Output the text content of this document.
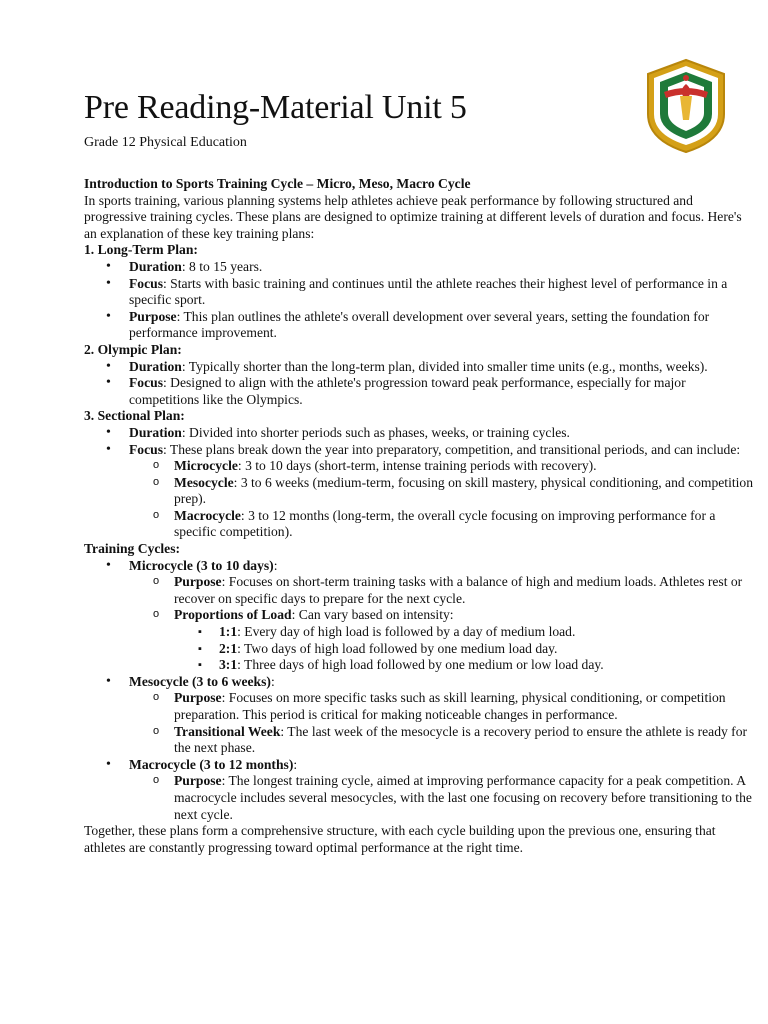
Pre Reading-Material Unit 5

Grade 12 Physical Education

Introduction to Sports Training Cycle – Micro, Meso, Macro Cycle

In sports training, various planning systems help athletes achieve peak performance by following structured and progressive training cycles. These plans are designed to optimize training at different levels of duration and focus. Here's an explanation of these key training plans:

1. Long-Term Plan:

• Duration: 8 to 15 years.
• Focus: Starts with basic training and continues until the athlete reaches their highest level of performance in a specific sport.
• Purpose: This plan outlines the athlete's overall development over several years, setting the foundation for performance improvement.

2. Olympic Plan:

• Duration: Typically shorter than the long-term plan, divided into smaller time units (e.g., months, weeks).
• Focus: Designed to align with the athlete's progression toward peak performance, especially for major competitions like the Olympics.

3. Sectional Plan:

• Duration: Divided into shorter periods such as phases, weeks, or training cycles.
• Focus: These plans break down the year into preparatory, competition, and transitional periods, and can include:
o Microcycle: 3 to 10 days (short-term, intense training periods with recovery).
o Mesocycle: 3 to 6 weeks (medium-term, focusing on skill mastery, physical conditioning, and competition prep).
o Macrocycle: 3 to 12 months (long-term, the overall cycle focusing on improving performance for a specific competition).

Training Cycles:

• Microcycle (3 to 10 days):
o Purpose: Focuses on short-term training tasks with a balance of high and medium loads. Athletes rest or recover on specific days to prepare for the next cycle.
o Proportions of Load: Can vary based on intensity:
▪ 1:1: Every day of high load is followed by a day of medium load.
▪ 2:1: Two days of high load followed by one medium load day.
▪ 3:1: Three days of high load followed by one medium or low load day.
• Mesocycle (3 to 6 weeks):
o Purpose: Focuses on more specific tasks such as skill learning, physical conditioning, or competition preparation. This period is critical for making noticeable changes in performance.
o Transitional Week: The last week of the mesocycle is a recovery period to ensure the athlete is ready for the next phase.
• Macrocycle (3 to 12 months):
o Purpose: The longest training cycle, aimed at improving performance capacity for a peak competition. A macrocycle includes several mesocycles, with the last one focusing on recovery before transitioning to the next cycle.

Together, these plans form a comprehensive structure, with each cycle building upon the previous one, ensuring that athletes are constantly progressing toward optimal performance at the right time.
